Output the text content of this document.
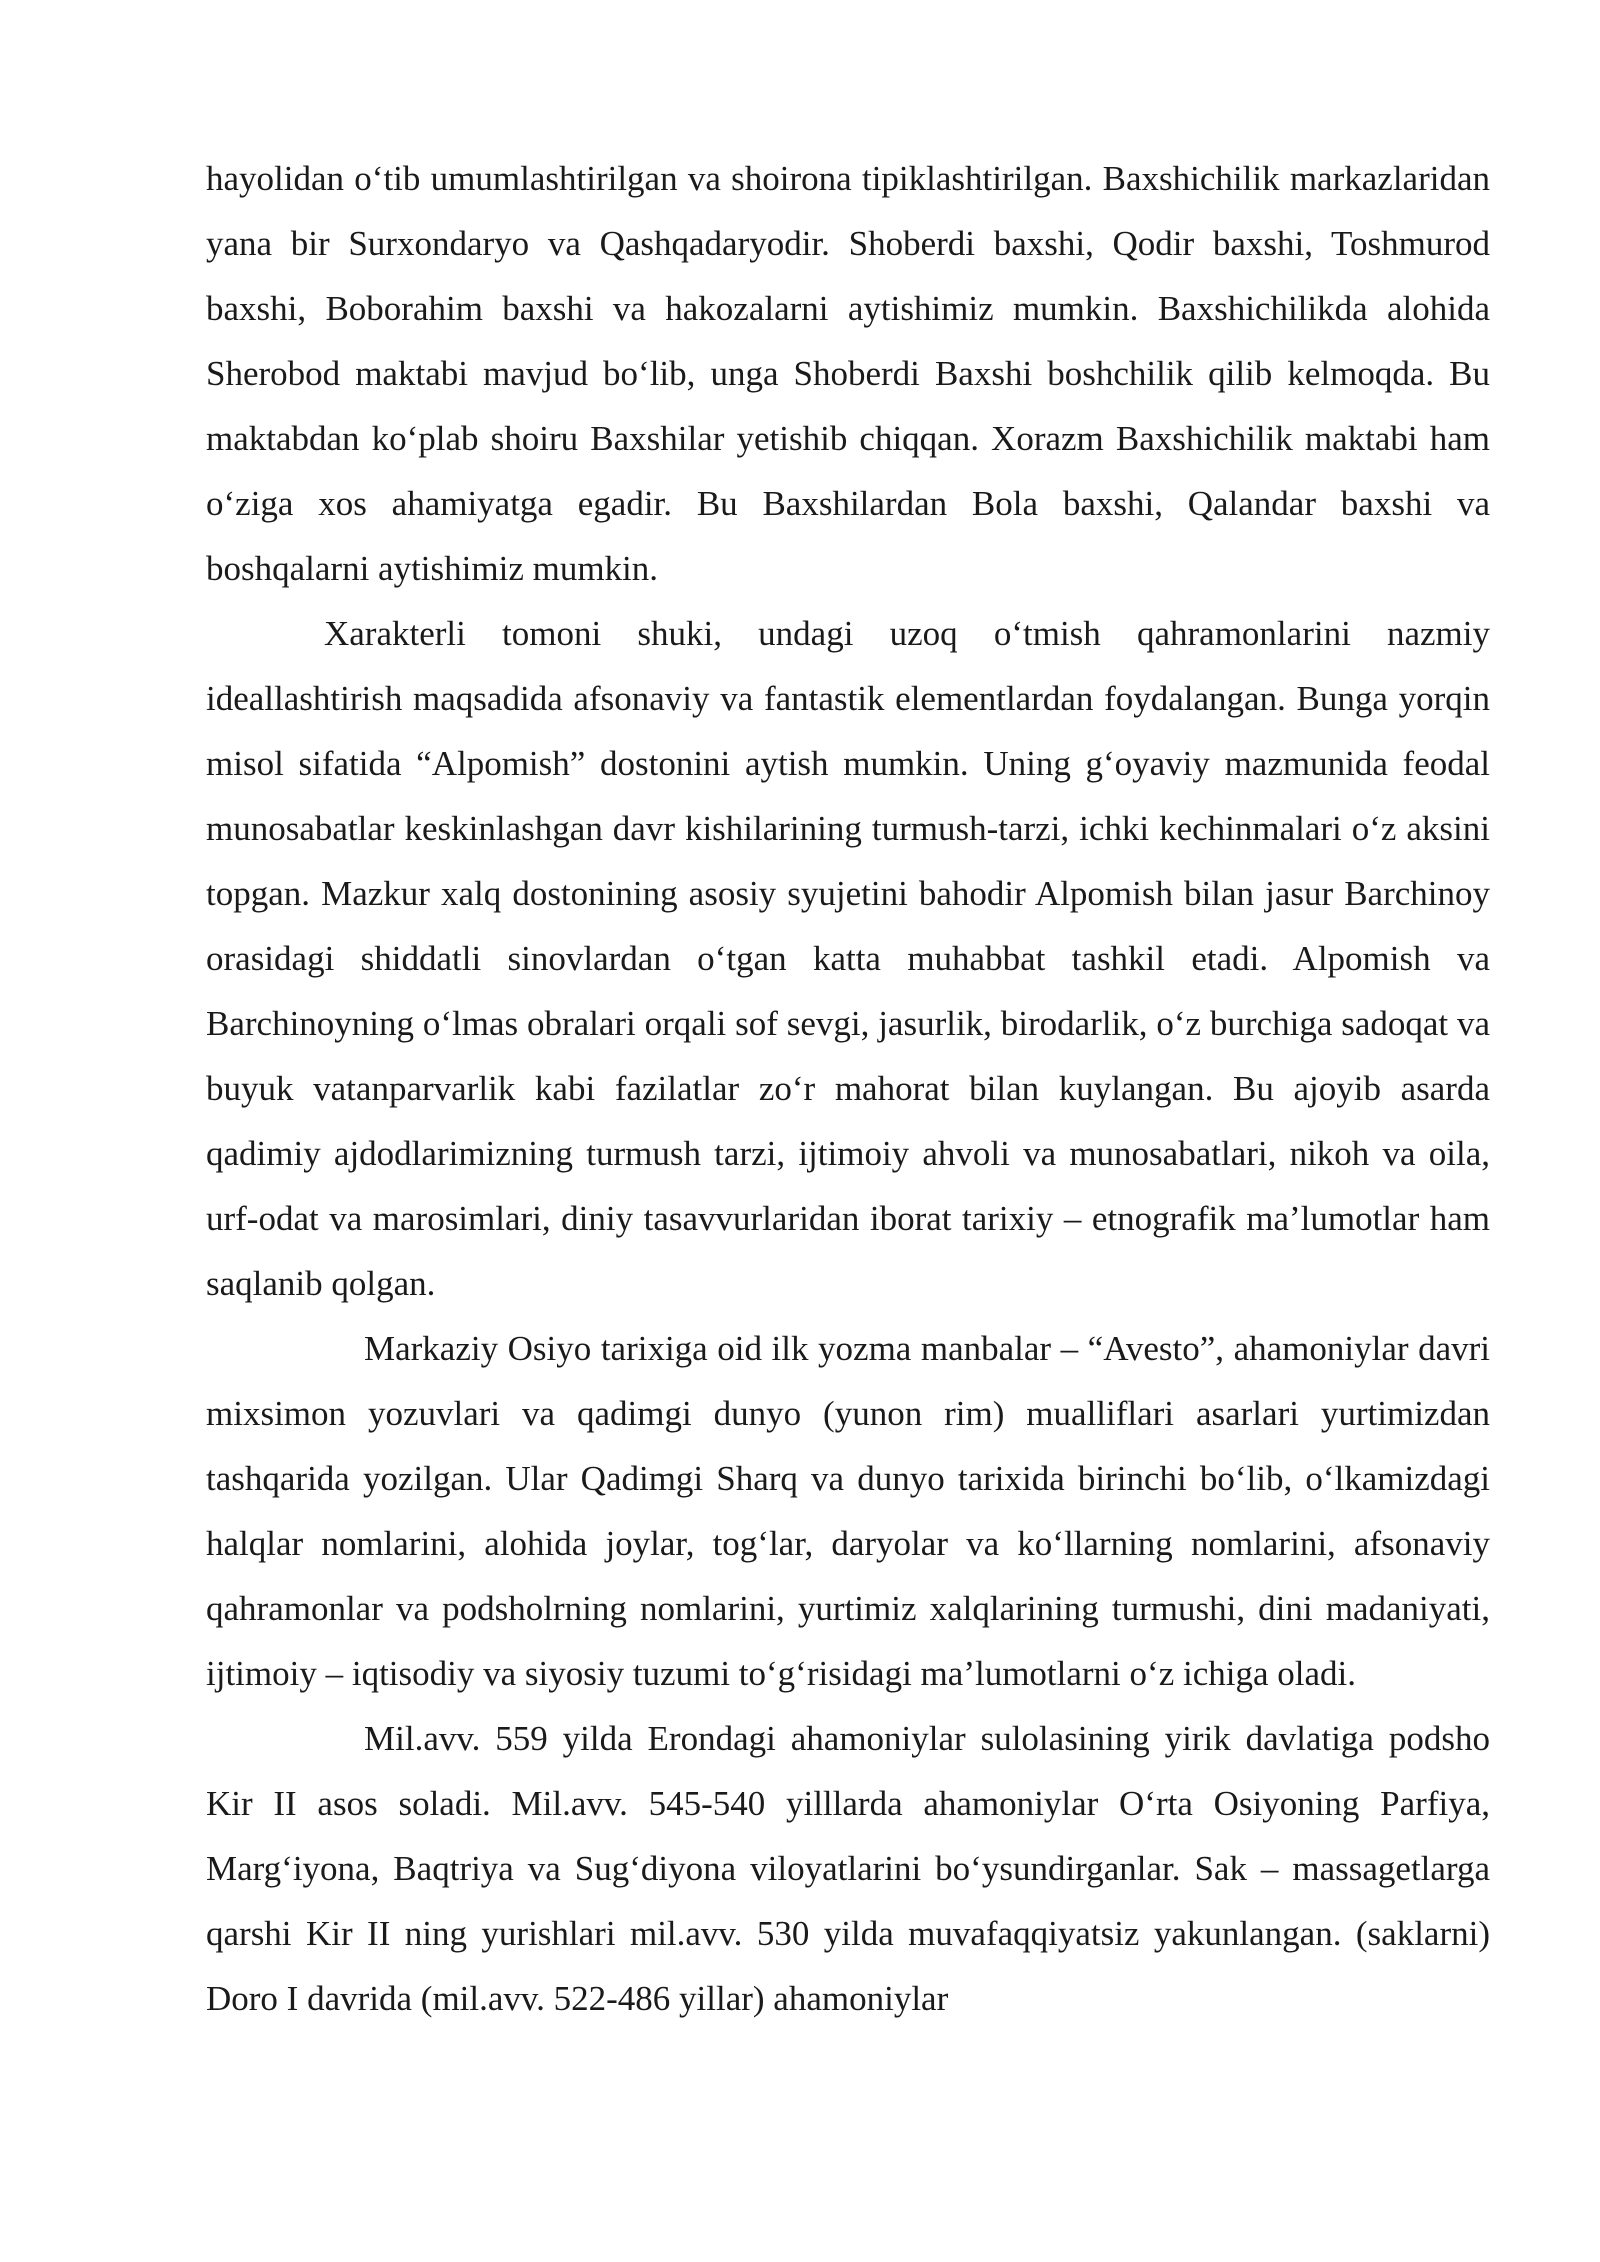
hayolidan o‘tib umumlashtirilgan va shoirona tipiklashtirilgan. Baxshichilik markazlaridan yana bir Surxondaryo va Qashqadaryodir. Shoberdi baxshi, Qodir baxshi, Toshmurod baxshi, Boborahim baxshi va hakozalarni aytishimiz mumkin. Baxshichilikda alohida Sherobod maktabi mavjud bo‘lib, unga Shoberdi Baxshi boshchilik qilib kelmoqda. Bu maktabdan ko‘plab shoiru Baxshilar yetishib chiqqan. Xorazm Baxshichilik maktabi ham o‘ziga xos ahamiyatga egadir. Bu Baxshilardan Bola baxshi, Qalandar baxshi va boshqalarni aytishimiz mumkin.

Xarakterli tomoni shuki, undagi uzoq o‘tmish qahramonlarini nazmiy ideallashtirish maqsadida afsonaviy va fantastik elementlardan foydalangan. Bunga yorqin misol sifatida “Alpomish” dostonini aytish mumkin. Uning g‘oyaviy mazmunida feodal munosabatlar keskinlashgan davr kishilarining turmush-tarzi, ichki kechinmalari o‘z aksini topgan. Mazkur xalq dostonining asosiy syujetini bahodir Alpomish bilan jasur Barchinoy orasidagi shiddatli sinovlardan o‘tgan katta muhabbat tashkil etadi. Alpomish va Barchinoyning o‘lmas obralari orqali sof sevgi, jasurlik, birodarlik, o‘z burchiga sadoqat va buyuk vatanparvarlik kabi fazilatlar zo‘r mahorat bilan kuylangan. Bu ajoyib asarda qadimiy ajdodlarimizning turmush tarzi, ijtimoiy ahvoli va munosabatlari, nikoh va oila, urf-odat va marosimlari, diniy tasavvurlaridan iborat tarixiy – etnografik ma’lumotlar ham saqlanib qolgan.

Markaziy Osiyo tarixiga oid ilk yozma manbalar – “Avesto”, ahamoniylar davri mixsimon yozuvlari va qadimgi dunyo (yunon rim) mualliflari asarlari yurtimizdan tashqarida yozilgan. Ular Qadimgi Sharq va dunyo tarixida birinchi bo‘lib, o‘lkamizdagi halqlar nomlarini, alohida joylar, tog‘lar, daryolar va ko‘llarning nomlarini, afsonaviy qahramonlar va podsholrning nomlarini, yurtimiz xalqlarining turmushi, dini madaniyati, ijtimoiy – iqtisodiy va siyosiy tuzumi to‘g‘risidagi ma’lumotlarni o‘z ichiga oladi.

Mil.avv. 559 yilda Erondagi ahamoniylar sulolasining yirik davlatiga podsho Kir II asos soladi. Mil.avv. 545-540 yilllarda ahamoniylar O‘rta Osiyoning Parfiya, Marg‘iyona, Baqtriya va Sug‘diyona viloyatlarini bo‘ysundirganlar. Sak – massagetlarga qarshi Kir II ning yurishlari mil.avv. 530 yilda muvafaqqiyatsiz yakunlangan. (saklarni) Doro I davrida (mil.avv. 522-486 yillar) ahamoniylar
